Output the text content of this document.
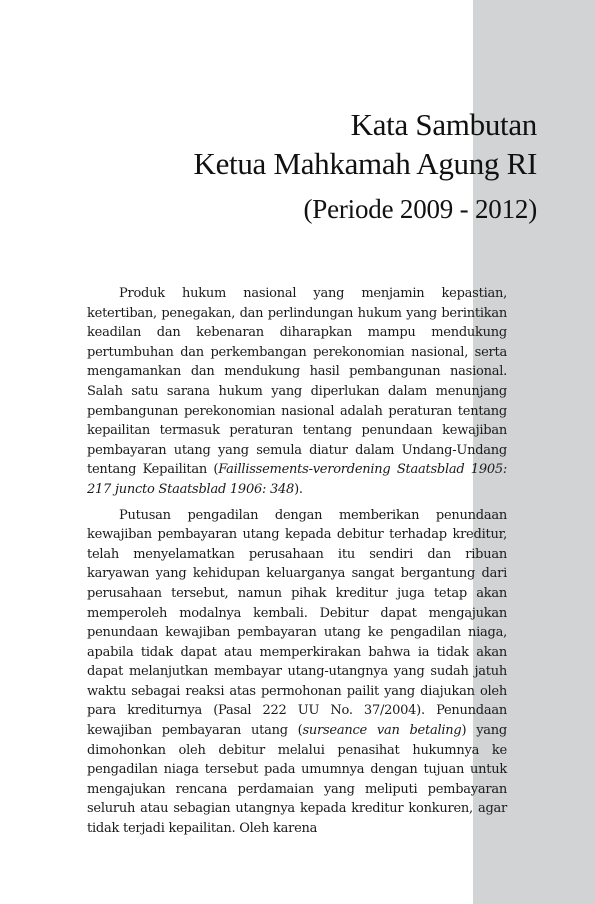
Kata Sambutan
Ketua Mahkamah Agung RI
(Periode 2009 - 2012)

Produk hukum nasional yang menjamin kepastian, ketertiban, penegakan, dan perlindungan hukum yang berintikan keadilan dan kebenaran diharapkan mampu mendukung pertumbuhan dan perkembangan perekonomian nasional, serta mengamankan dan mendukung hasil pembangunan nasional. Salah satu sarana hukum yang diperlukan dalam menunjang pembangunan perekonomian nasional adalah peraturan tentang kepailitan termasuk peraturan tentang penundaan kewajiban pembayaran utang yang semula diatur dalam Undang-Undang tentang Kepailitan (Faillissements-verordening Staatsblad 1905: 217 juncto Staatsblad 1906: 348).

Putusan pengadilan dengan memberikan penundaan kewajiban pembayaran utang kepada debitur terhadap kreditur, telah menyelamatkan perusahaan itu sendiri dan ribuan karyawan yang kehidupan keluarganya sangat bergantung dari perusahaan tersebut, namun pihak kreditur juga tetap akan memperoleh modalnya kembali. Debitur dapat mengajukan penundaan kewajiban pembayaran utang ke pengadilan niaga, apabila tidak dapat atau memperkirakan bahwa ia tidak akan dapat melanjutkan membayar utang-utangnya yang sudah jatuh waktu sebagai reaksi atas permohonan pailit yang diajukan oleh para krediturnya (Pasal 222 UU No. 37/2004). Penundaan kewajiban pembayaran utang (surseance van betaling) yang dimohonkan oleh debitur melalui penasihat hukumnya ke pengadilan niaga tersebut pada umumnya dengan tujuan untuk mengajukan rencana perdamaian yang meliputi pembayaran seluruh atau sebagian utangnya kepada kreditur konkuren, agar tidak terjadi kepailitan. Oleh karena
